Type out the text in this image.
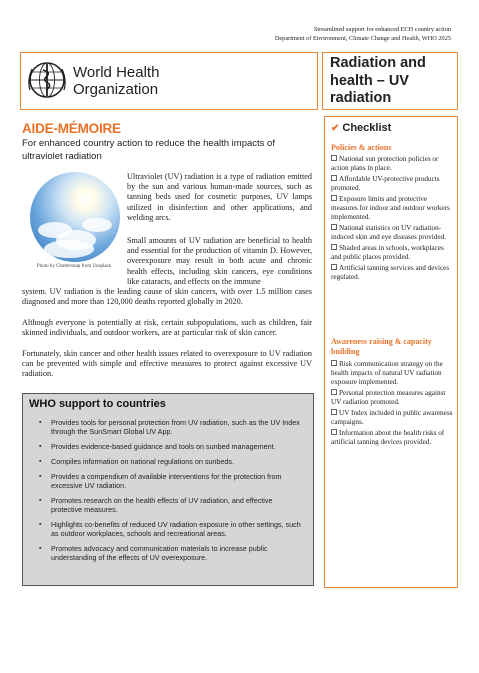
Streamlined support for enhanced ECH country action
Department of Environment, Climate Change and Health, WHO 2025
World Health
Organization
Radiation and
health – UV
radiation
AIDE-MÉMOIRE
For enhanced country action to reduce the health impacts of ultraviolet radiation
Photo by Chuttersnap from Unsplash
Ultraviolet (UV) radiation is a type of radiation emitted by the sun and various human-made sources, such as tanning beds used for cosmetic purposes, UV lamps utilized in disinfection and other applications, and welding arcs.
Small amounts of UV radiation are beneficial to health and essential for the production of vitamin D. However, overexposure may result in both acute and chronic health effects, including skin cancers, eye conditions like cataracts, and effects on the immune
system. UV radiation is the leading cause of skin cancers, with over 1.5 million cases diagnosed and more than 120,000 deaths reported globally in 2020.
Although everyone is potentially at risk, certain subpopulations, such as children, fair skinned individuals, and outdoor workers, are at particular risk of skin cancer.
Fortunately, skin cancer and other health issues related to overexposure to UV radiation can be prevented with simple and effective measures to protect against excessive UV radiation.
WHO support to countries
▪ Provides tools for personal protection from UV radiation, such as the UV Index through the SunSmart Global UV App.
▪ Provides evidence-based guidance and tools on sunbed management.
▪ Compiles information on national regulations on sunbeds.
▪ Provides a compendium of available interventions for the protection from excessive UV radiation.
▪ Promotes research on the health effects of UV radiation, and effective protective measures.
▪ Highlights co-benefits of reduced UV radiation exposure in other settings, such as outdoor workplaces, schools and recreational areas.
▪ Promotes advocacy and communication materials to increase public understanding of the effects of UV overexposure.
✔ Checklist
Policies & actions
National sun protection policies or action plans in place.
Affordable UV-protective products promoted.
Exposure limits and protective measures for indoor and outdoor workers implemented.
National statistics on UV radiation-induced skin and eye diseases provided.
Shaded areas in schools, workplaces and public places provided.
Artificial tanning services and devices regulated.
Awareness raising & capacity building
Risk communication strategy on the health impacts of natural UV radiation exposure implemented.
Personal protection measures against UV radiation promoted.
UV Index included in public awareness campaigns.
Information about the health risks of artificial tanning devices provided.
